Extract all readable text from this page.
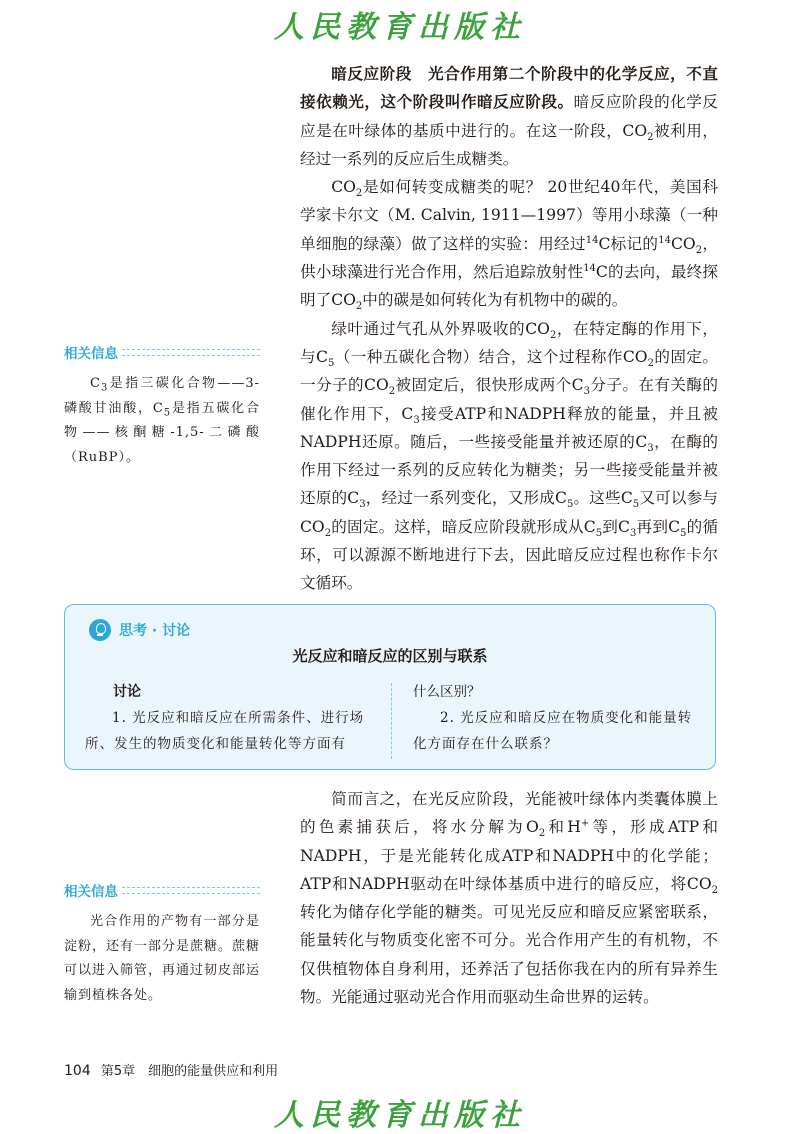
人民教育出版社

暗反应阶段　光合作用第二个阶段中的化学反应，不直接依赖光，这个阶段叫作暗反应阶段。暗反应阶段的化学反应是在叶绿体的基质中进行的。在这一阶段，$CO_2$被利用，经过一系列的反应后生成糖类。

$CO_2$是如何转变成糖类的呢？ 20世纪40年代，美国科学家卡尔文（M. Calvin, 1911—1997）等用小球藻（一种单细胞的绿藻）做了这样的实验：用经过$^{14}$C标记的$^{14}CO_2$，供小球藻进行光合作用，然后追踪放射性$^{14}$C的去向，最终探明了$CO_2$中的碳是如何转化为有机物中的碳的。

绿叶通过气孔从外界吸收的$CO_2$，在特定酶的作用下，与$C_5$（一种五碳化合物）结合，这个过程称作$CO_2$的固定。一分子的$CO_2$被固定后，很快形成两个$C_3$分子。在有关酶的催化作用下，$C_3$接受ATP和NADPH释放的能量，并且被NADPH还原。随后，一些接受能量并被还原的$C_3$，在酶的作用下经过一系列的反应转化为糖类；另一些接受能量并被还原的$C_3$，经过一系列变化，又形成$C_5$。这些$C_5$又可以参与$CO_2$的固定。这样，暗反应阶段就形成从$C_5$到$C_3$再到$C_5$的循环，可以源源不断地进行下去，因此暗反应过程也称作卡尔文循环。

相关信息
$C_3$是指三碳化合物——3-磷酸甘油酸，$C_5$是指五碳化合物——核酮糖-1,5-二磷酸（RuBP）。
思考 · 讨论
光反应和暗反应的区别与联系
讨论

1. 光反应和暗反应在所需条件、进行场所、发生的物质变化和能量转化等方面有

什么区别？

2. 光反应和暗反应在物质变化和能量转化方面存在什么联系？

简而言之，在光反应阶段，光能被叶绿体内类囊体膜上的色素捕获后，将水分解为$O_2$和H+等，形成ATP和NADPH，于是光能转化成ATP和NADPH中的化学能；ATP和NADPH驱动在叶绿体基质中进行的暗反应，将$CO_2$转化为储存化学能的糖类。可见光反应和暗反应紧密联系，能量转化与物质变化密不可分。光合作用产生的有机物，不仅供植物体自身利用，还养活了包括你我在内的所有异养生物。光能通过驱动光合作用而驱动生命世界的运转。

相关信息
光合作用的产物有一部分是淀粉，还有一部分是蔗糖。蔗糖可以进入筛管，再通过韧皮部运输到植株各处。
104 第5章　细胞的能量供应和利用
人民教育出版社
